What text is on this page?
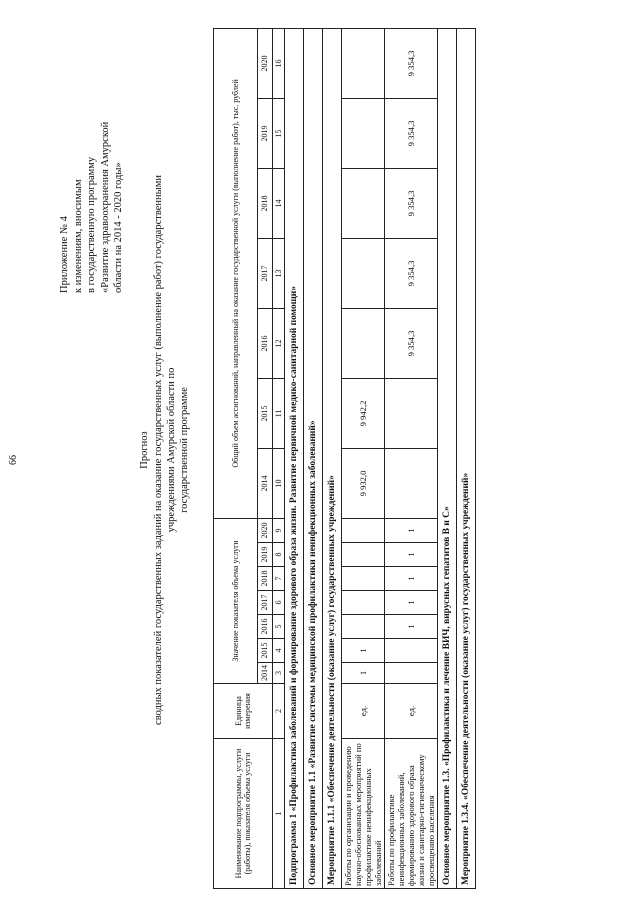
66
Приложение № 4 к изменениям, вносимым в государственную программу «Развитие здравоохранения Амурской области на 2014 - 2020 годы»
Прогноз сводных показателей государственных заданий на оказание государственных услуг (выполнение работ) государственными учреждениями Амурской области по государственной программе
Наименование подпрограммы, услуги (работы), показателя объема услуги	Единица измерения	Значение показателя объема услуги							Общий объем ассигнований, направленный на оказание государственной услуги (выполнение работ), тыс. рублей						
		2014	2015	2016	2017	2018	2019	2020	2014	2015	2016	2017	2018	2019	2020
1	2	3	4	5	6	7	8	9	10	11	12	13	14	15	16
Подпрограмма 1 «Профилактика заболеваний и формирование здорового образа жизни. Развитие первичной медико-санитарной помощи»															
Основное мероприятие 1.1 «Развитие системы медицинской профилактики неинфекционных заболеваний»															
Мероприятие 1.1.1 «Обеспечение деятельности (оказание услуг) государственных учреждений»															
Работы по организации и проведению научно-обоснованных мероприятий по профилактике неинфекционных заболеваний	ед.	1	1						9 932,0	9 942,2					
Работы по профилактике неинфекционных заболеваний, формированию здорового образа жизни и санитарно-гигиеническому просвещению населения	ед.			1	1	1	1	1			9 354,3	9 354,3	9 354,3	9 354,3	9 354,3
Основное мероприятие 1.3. «Профилактика и лечение ВИЧ, вирусных гепатитов В и С»															
Мероприятие 1.3.4. «Обеспечение деятельности (оказание услуг) государственных учреждений»															
